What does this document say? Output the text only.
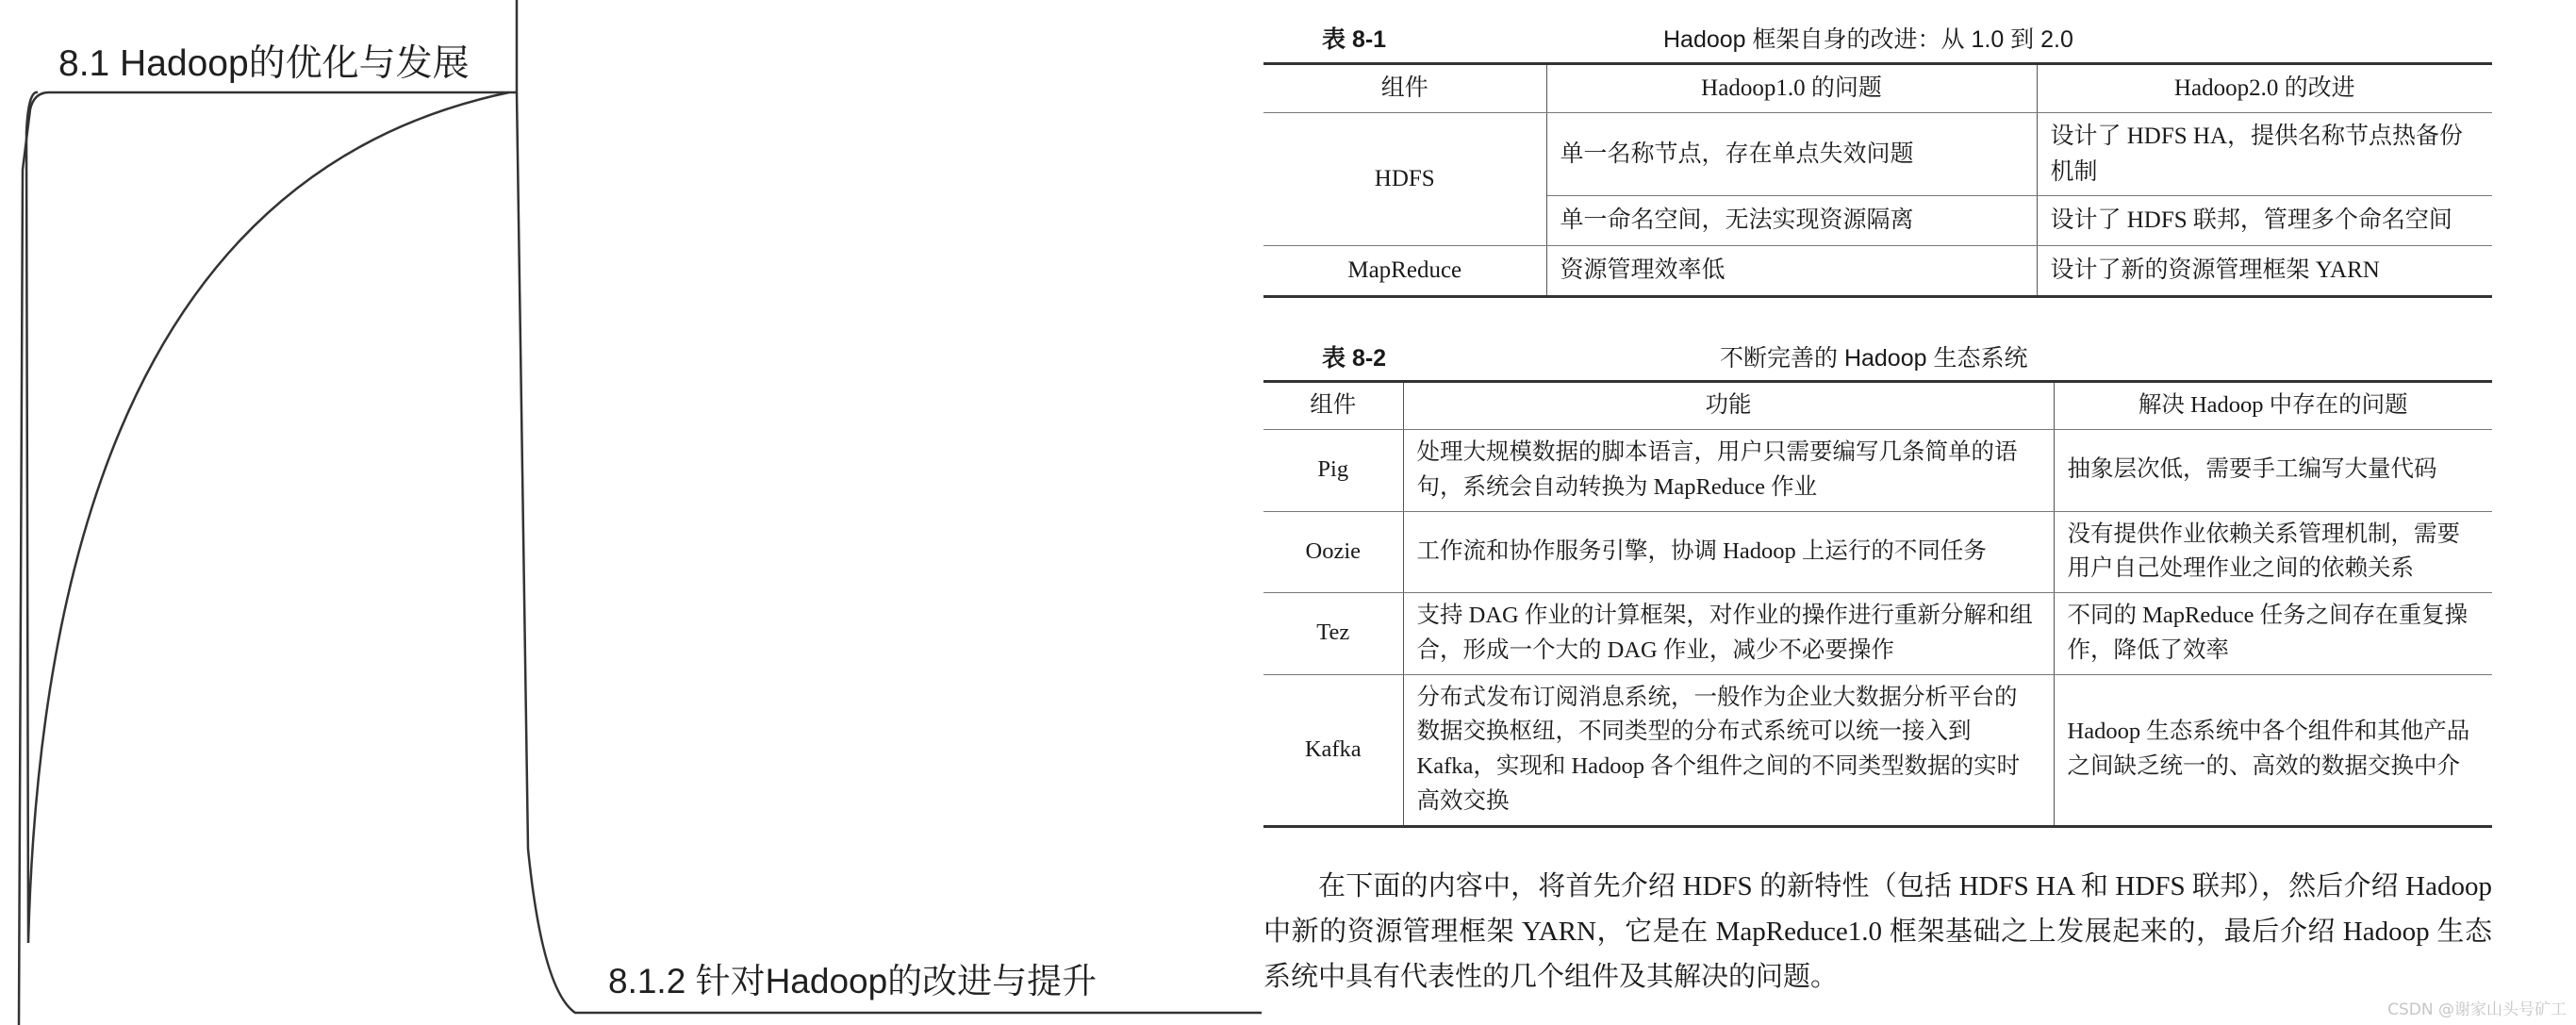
8.1 Hadoop的优化与发展
8.1.2 针对Hadoop的改进与提升
表 8-1	Hadoop 框架自身的改进：从 1.0 到 2.0
组件	Hadoop1.0 的问题	Hadoop2.0 的改进
HDFS	单一名称节点，存在单点失效问题	设计了 HDFS HA，提供名称节点热备份机制
	单一命名空间，无法实现资源隔离	设计了 HDFS 联邦，管理多个命名空间
MapReduce	资源管理效率低	设计了新的资源管理框架 YARN
表 8-2	不断完善的 Hadoop 生态系统
组件	功能	解决 Hadoop 中存在的问题
Pig	处理大规模数据的脚本语言，用户只需要编写几条简单的语句，系统会自动转换为 MapReduce 作业	抽象层次低，需要手工编写大量代码
Oozie	工作流和协作服务引擎，协调 Hadoop 上运行的不同任务	没有提供作业依赖关系管理机制，需要用户自己处理作业之间的依赖关系
Tez	支持 DAG 作业的计算框架，对作业的操作进行重新分解和组合，形成一个大的 DAG 作业，减少不必要操作	不同的 MapReduce 任务之间存在重复操作，降低了效率
Kafka	分布式发布订阅消息系统，一般作为企业大数据分析平台的数据交换枢纽，不同类型的分布式系统可以统一接入到 Kafka，实现和 Hadoop 各个组件之间的不同类型数据的实时高效交换	Hadoop 生态系统中各个组件和其他产品之间缺乏统一的、高效的数据交换中介

在下面的内容中，将首先介绍 HDFS 的新特性（包括 HDFS HA 和 HDFS 联邦），然后介绍 Hadoop 中新的资源管理框架 YARN，它是在 MapReduce1.0 框架基础之上发展起来的，最后介绍 Hadoop 生态系统中具有代表性的几个组件及其解决的问题。

CSDN @谢家山头号矿工
